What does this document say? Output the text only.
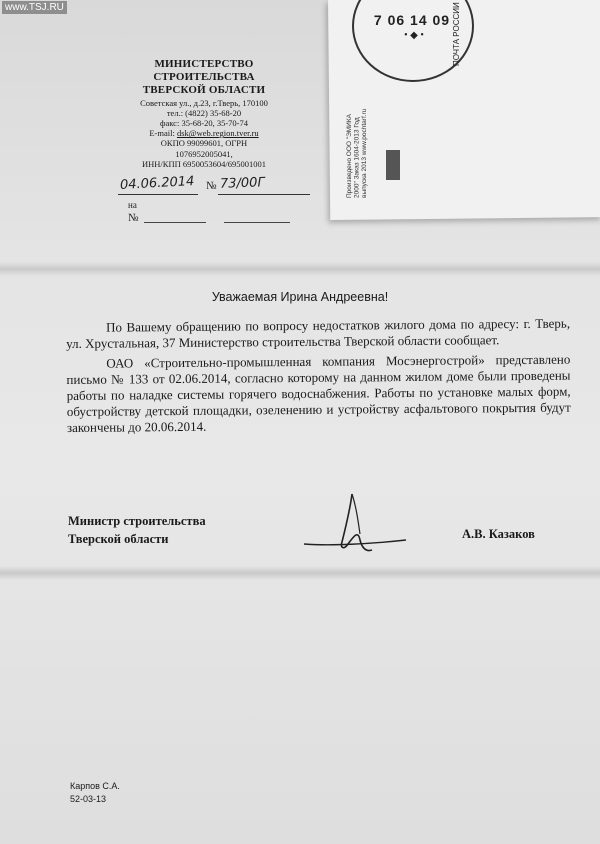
www.TSJ.RU
7 06 14 09
• ◆ •	ПОЧТА РОССИИ
Произведено ООО "ЭМИКА 2000" Заказ 1604-2013 Год выпуска 2013 www.pochtarf.ru
МИНИСТЕРСТВО
СТРОИТЕЛЬСТВА
ТВЕРСКОЙ ОБЛАСТИ
Советская ул., д.23, г.Тверь, 170100
тел.: (4822) 35-68-20
факс: 35-68-20, 35-70-74
E-mail: dsk@web.region.tver.ru
ОКПО 99099601, ОГРН
1076952005041,
ИНН/КПП 6950053604/695001001
04.06.2014 № 73/00Г
на
№
Уважаемая Ирина Андреевна!

По Вашему обращению по вопросу недостатков жилого дома по адресу: г. Тверь, ул. Хрустальная, 37 Министерство строительства Тверской области сообщает.

ОАО «Строительно-промышленная компания Мосэнергострой» представлено письмо № 133 от 02.06.2014, согласно которому на данном жилом доме были проведены работы по наладке системы горячего водоснабжения. Работы по установке малых форм, обустройству детской площадки, озеленению и устройству асфальтового покрытия будут закончены до 20.06.2014.

Министр строительства
Тверской области	А.В. Казаков
Карпов С.А.
52-03-13
